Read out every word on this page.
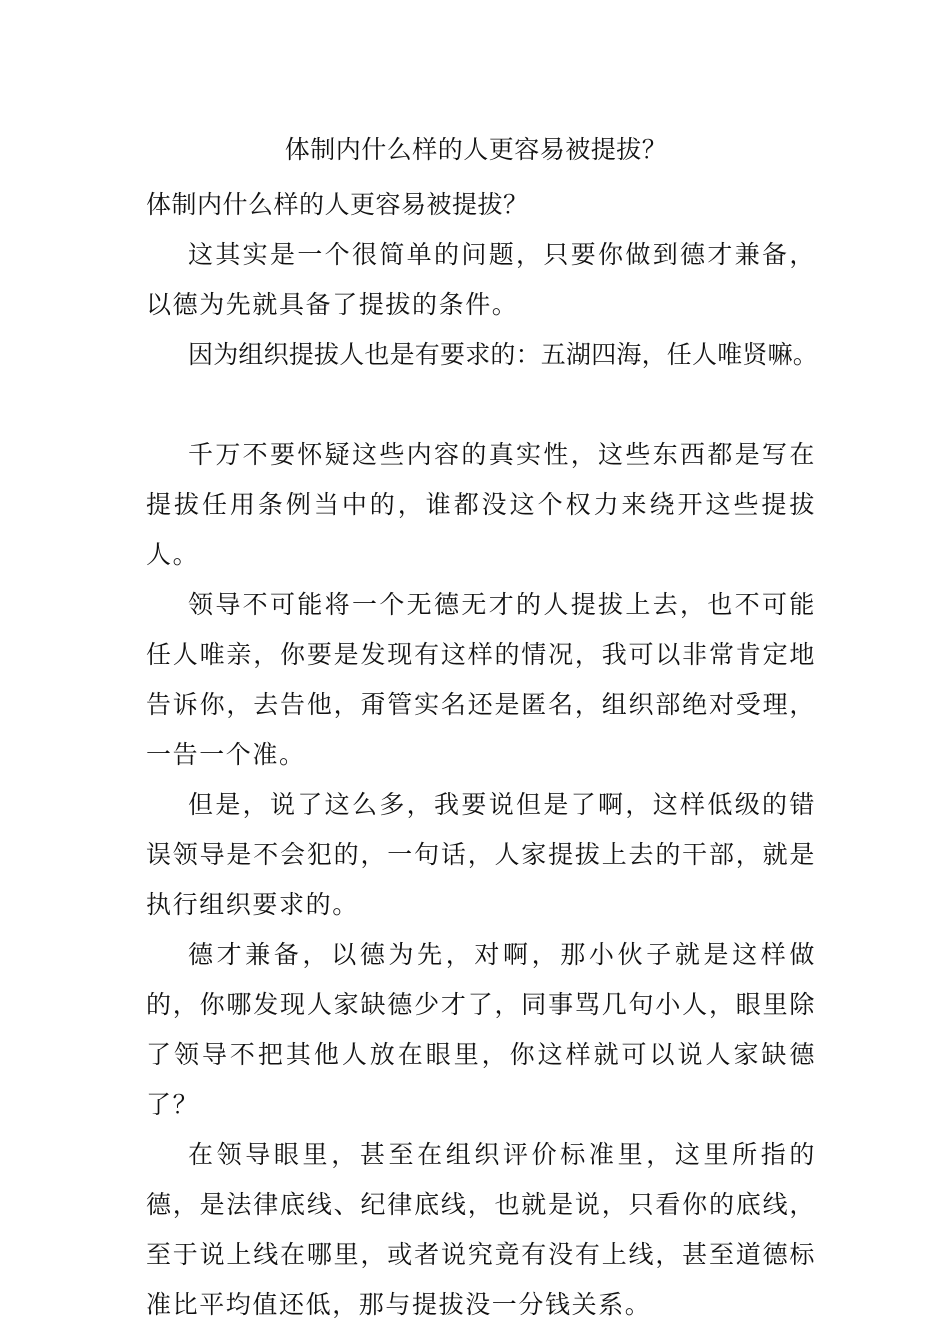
体制内什么样的人更容易被提拔？

体制内什么样的人更容易被提拔？

这其实是一个很简单的问题，只要你做到德才兼备，以德为先就具备了提拔的条件。

因为组织提拔人也是有要求的：五湖四海，任人唯贤嘛。

千万不要怀疑这些内容的真实性，这些东西都是写在提拔任用条例当中的，谁都没这个权力来绕开这些提拔人。

领导不可能将一个无德无才的人提拔上去，也不可能任人唯亲，你要是发现有这样的情况，我可以非常肯定地告诉你，去告他，甭管实名还是匿名，组织部绝对受理，一告一个准。

但是，说了这么多，我要说但是了啊，这样低级的错误领导是不会犯的，一句话，人家提拔上去的干部，就是执行组织要求的。

德才兼备，以德为先，对啊，那小伙子就是这样做的，你哪发现人家缺德少才了，同事骂几句小人，眼里除了领导不把其他人放在眼里，你这样就可以说人家缺德了？

在领导眼里，甚至在组织评价标准里，这里所指的德，是法律底线、纪律底线，也就是说，只看你的底线，至于说上线在哪里，或者说究竟有没有上线，甚至道德标准比平均值还低，那与提拔没一分钱关系。
